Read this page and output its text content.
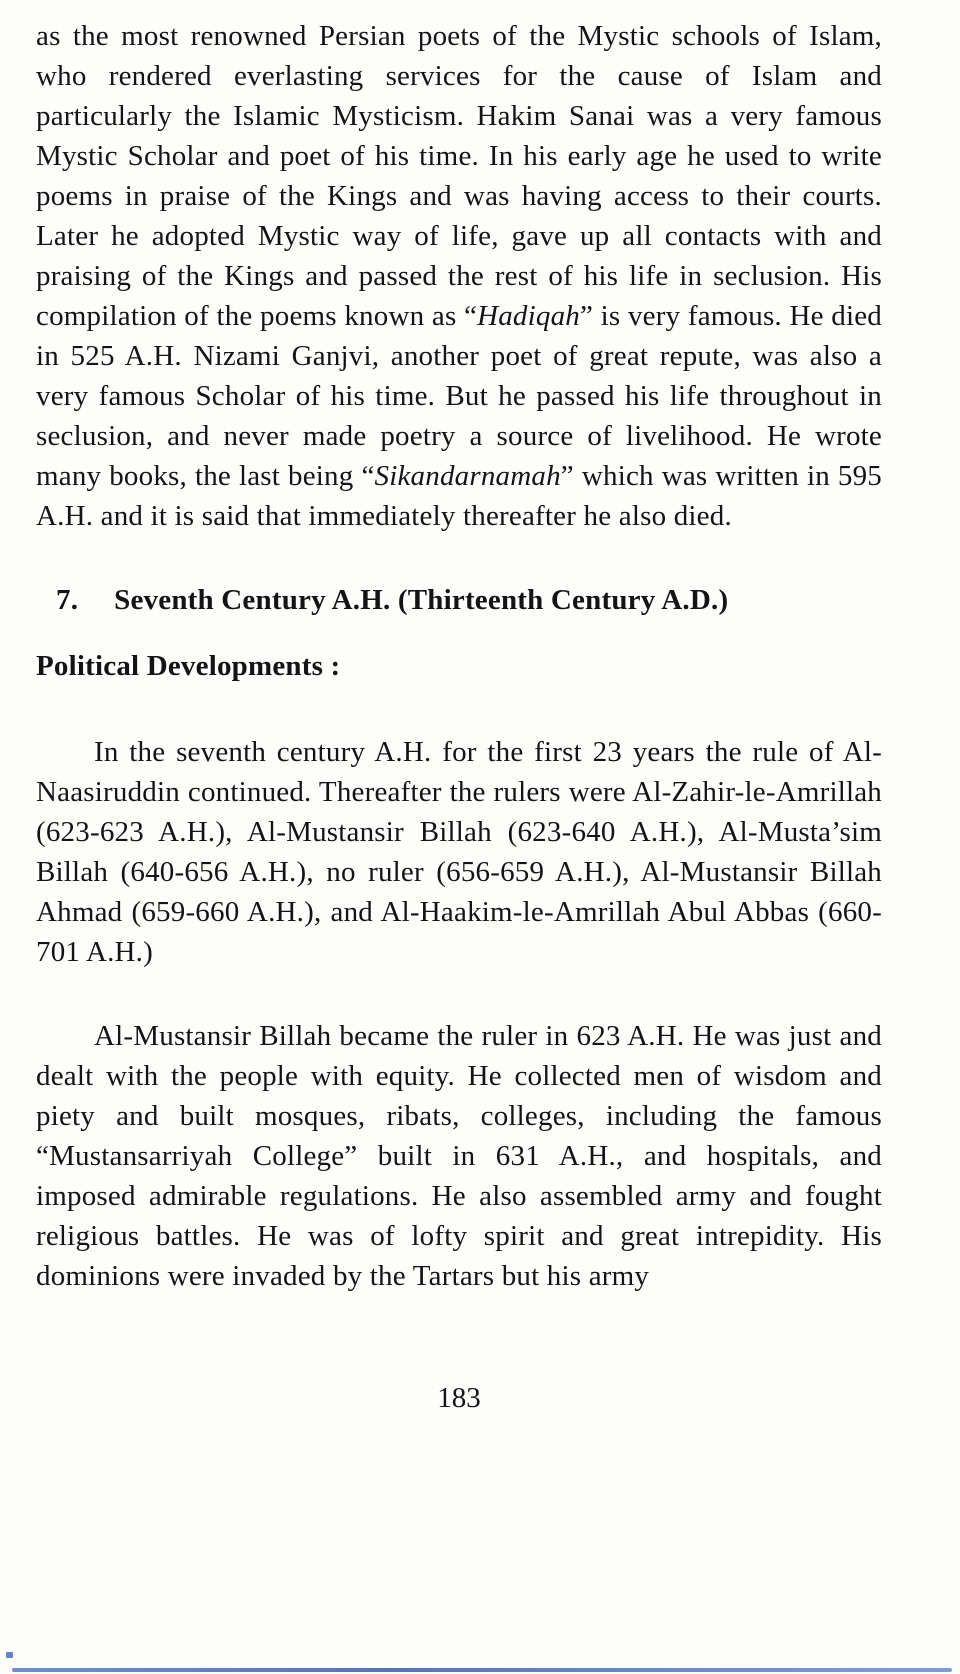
as the most renowned Persian poets of the Mystic schools of Islam, who rendered everlasting services for the cause of Islam and particularly the Islamic Mysticism. Hakim Sanai was a very famous Mystic Scholar and poet of his time. In his early age he used to write poems in praise of the Kings and was having access to their courts. Later he adopted Mystic way of life, gave up all contacts with and praising of the Kings and passed the rest of his life in seclusion. His compilation of the poems known as “Hadiqah” is very famous. He died in 525 A.H. Nizami Ganjvi, another poet of great repute, was also a very famous Scholar of his time. But he passed his life throughout in seclusion, and never made poetry a source of livelihood. He wrote many books, the last being “Sikandarnamah” which was written in 595 A.H. and it is said that immediately thereafter he also died.

7. Seventh Century A.H. (Thirteenth Century A.D.)

Political Developments :

In the seventh century A.H. for the first 23 years the rule of Al-Naasiruddin continued. Thereafter the rulers were Al-Zahir-le-Amrillah (623-623 A.H.), Al-Mustansir Billah (623-640 A.H.), Al-Musta’sim Billah (640-656 A.H.), no ruler (656-659 A.H.), Al-Mustansir Billah Ahmad (659-660 A.H.), and Al-Haakim-le-Amrillah Abul Abbas (660-701 A.H.)

Al-Mustansir Billah became the ruler in 623 A.H. He was just and dealt with the people with equity. He collected men of wisdom and piety and built mosques, ribats, colleges, including the famous “Mustansarriyah College” built in 631 A.H., and hospitals, and imposed admirable regulations. He also assembled army and fought religious battles. He was of lofty spirit and great intrepidity. His dominions were invaded by the Tartars but his army

183
